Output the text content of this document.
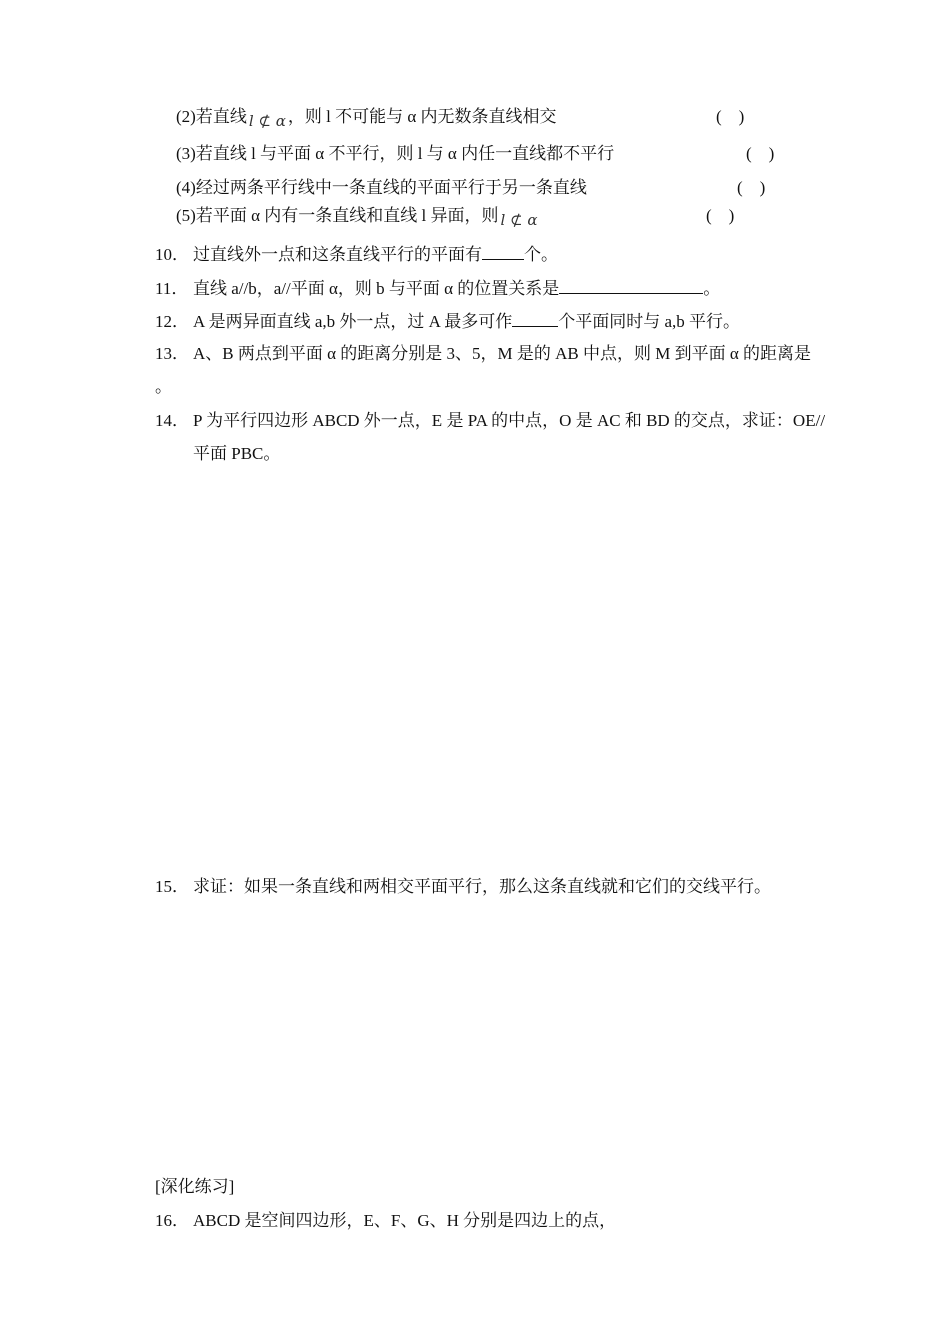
(2)若直线 l ⊄ α ，则 l 不可能与 α 内无数条直线相交	(    )
(3)若直线 l 与平面 α 不平行，则 l 与 α 内任一直线都不平行	(    )
(4)经过两条平行线中一条直线的平面平行于另一条直线	(    )
(5)若平面 α 内有一条直线和直线 l 异面，则 l ⊄ α	(    )
10． 过直线外一点和这条直线平行的平面有 个。
11． 直线 a//b，a//平面 α，则 b 与平面 α 的位置关系是	。
12． A 是两异面直线 a,b 外一点，过 A 最多可作	个平面同时与 a,b 平行。
13． A、B 两点到平面 α 的距离分别是 3、5，M 是的 AB 中点，则 M 到平面 α 的距离是
。
14． P 为平行四边形 ABCD 外一点，E 是 PA 的中点，O 是 AC 和 BD 的交点，求证：OE//
平面 PBC。
15． 求证：如果一条直线和两相交平面平行，那么这条直线就和它们的交线平行。
[深化练习]
16． ABCD 是空间四边形，E、F、G、H 分别是四边上的点，
